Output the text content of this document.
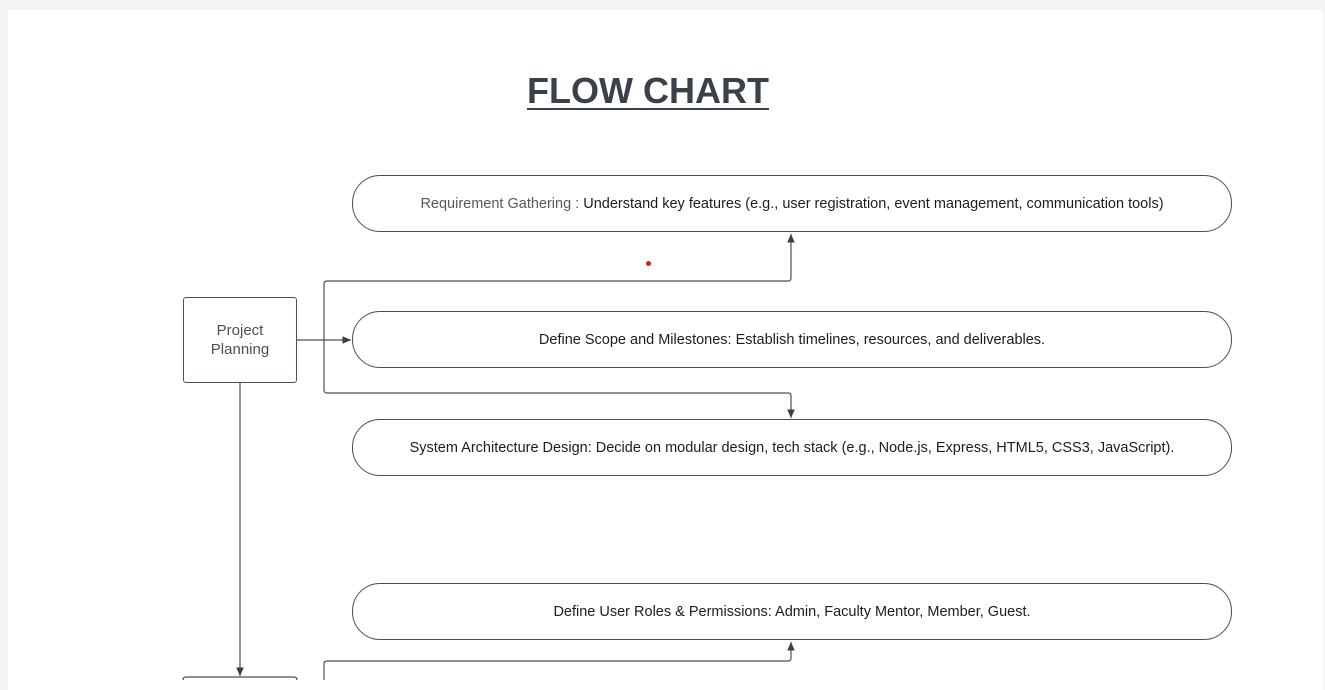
FLOW CHART
Project
Planning
Requirement Gathering : Understand key features (e.g., user registration, event management, communication tools)
Define Scope and Milestones: Establish timelines, resources, and deliverables.
System Architecture Design: Decide on modular design, tech stack (e.g., Node.js, Express, HTML5, CSS3, JavaScript).
Define User Roles & Permissions: Admin, Faculty Mentor, Member, Guest.
